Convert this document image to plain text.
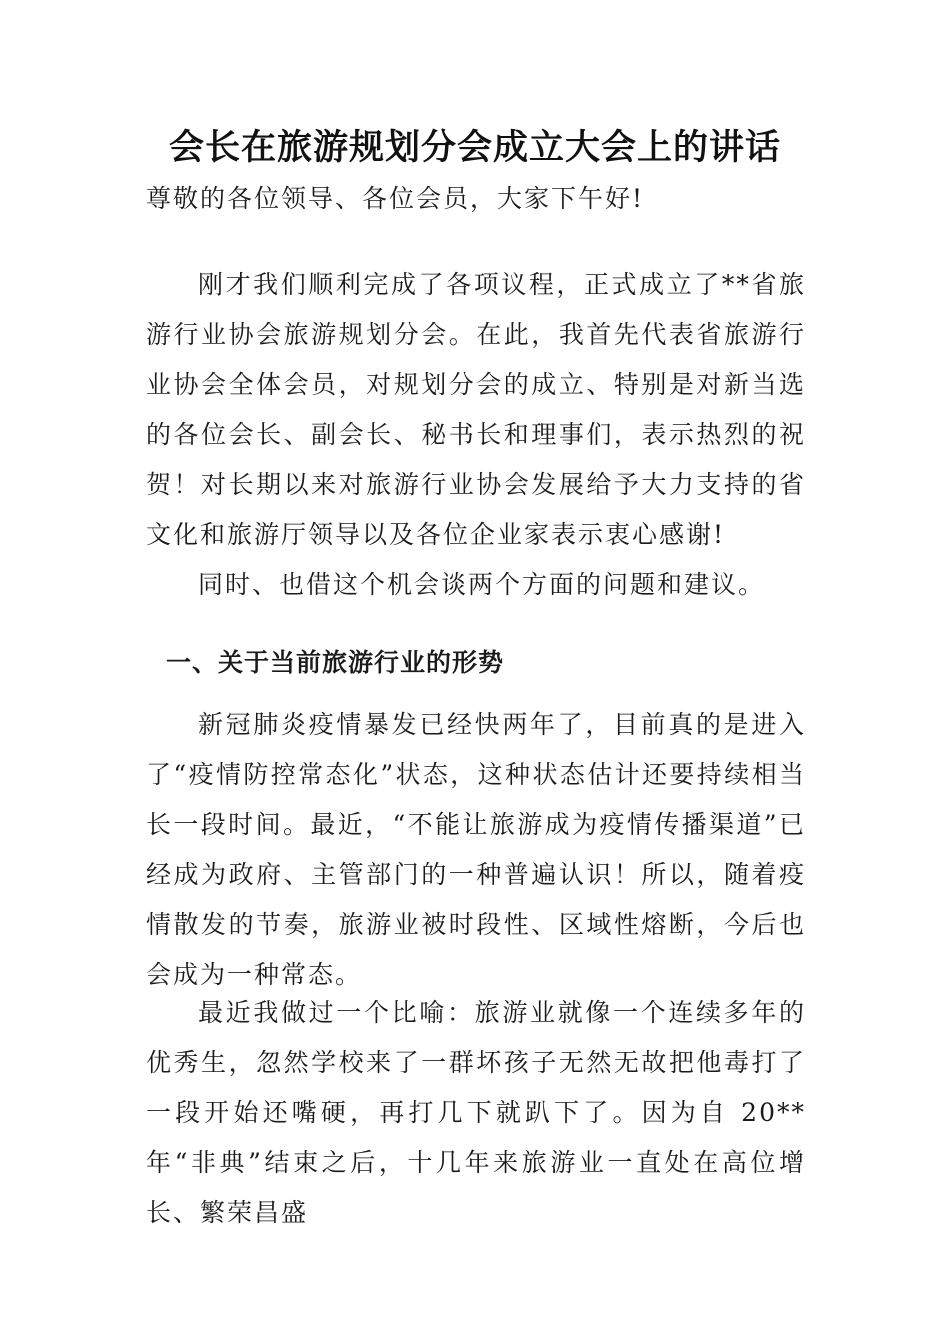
会长在旅游规划分会成立大会上的讲话

尊敬的各位领导、各位会员，大家下午好!

刚才我们顺利完成了各项议程，正式成立了**省旅游行业协会旅游规划分会。在此，我首先代表省旅游行业协会全体会员，对规划分会的成立、特别是对新当选的各位会长、副会长、秘书长和理事们，表示热烈的祝贺！对长期以来对旅游行业协会发展给予大力支持的省文化和旅游厅领导以及各位企业家表示衷心感谢!

同时、也借这个机会谈两个方面的问题和建议。

一、关于当前旅游行业的形势

新冠肺炎疫情暴发已经快两年了，目前真的是进入了“疫情防控常态化”状态，这种状态估计还要持续相当长一段时间。最近，“不能让旅游成为疫情传播渠道”已经成为政府、主管部门的一种普遍认识！所以，随着疫情散发的节奏，旅游业被时段性、区域性熔断，今后也会成为一种常态。

最近我做过一个比喻：旅游业就像一个连续多年的优秀生，忽然学校来了一群坏孩子无然无故把他毒打了一段开始还嘴硬，再打几下就趴下了。因为自 20**年“非典”结束之后，十几年来旅游业一直处在高位增长、繁荣昌盛
